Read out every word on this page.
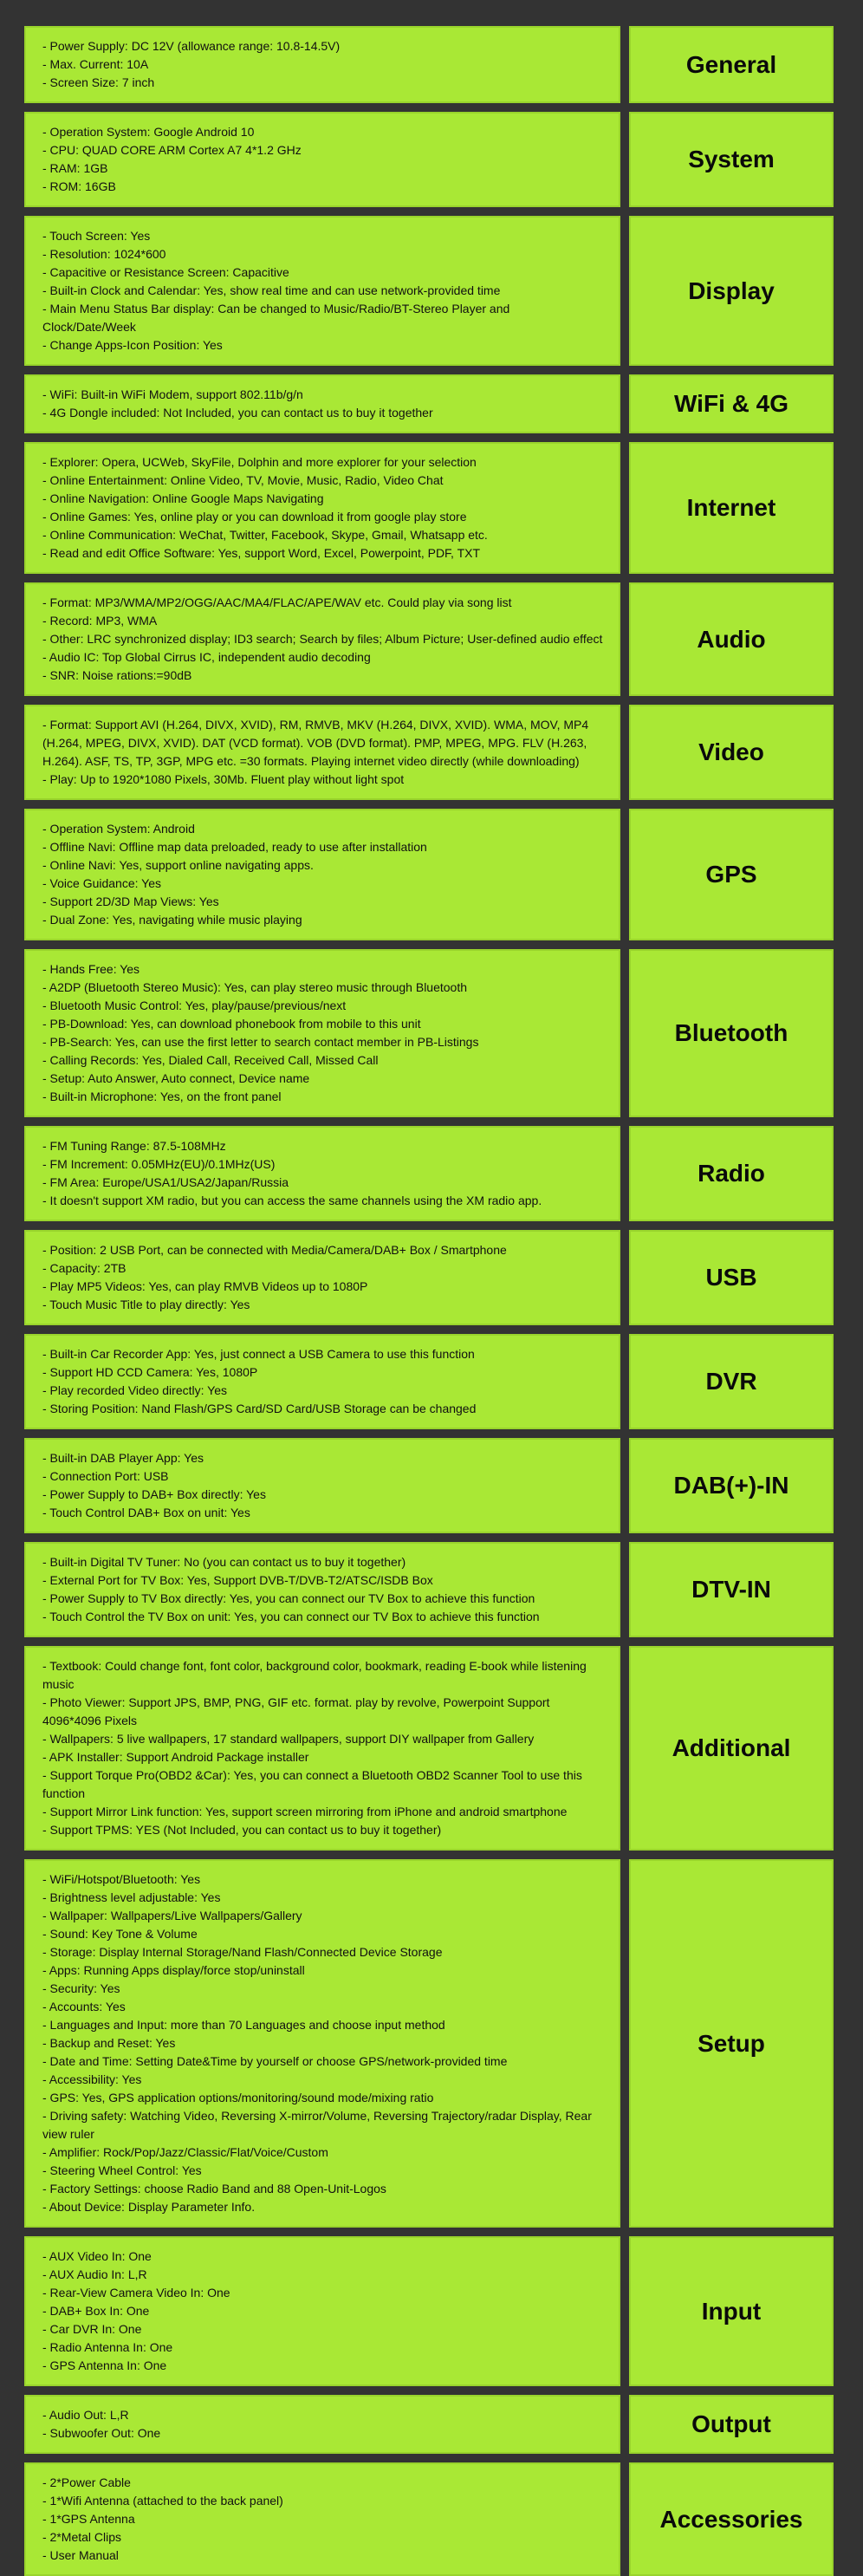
- Power Supply: DC 12V (allowance range: 10.8-14.5V)
- Max. Current: 10A
- Screen Size: 7 inch
General
- Operation System: Google Android 10
- CPU: QUAD CORE ARM Cortex A7 4*1.2 GHz
- RAM: 1GB
- ROM: 16GB
System
- Touch Screen: Yes
- Resolution: 1024*600
- Capacitive or Resistance Screen: Capacitive
- Built-in Clock and Calendar: Yes, show real time and can use network-provided time
- Main Menu Status Bar display: Can be changed to Music/Radio/BT-Stereo Player and Clock/Date/Week
- Change Apps-Icon Position: Yes
Display
- WiFi: Built-in WiFi Modem, support 802.11b/g/n
- 4G Dongle included: Not Included, you can contact us to buy it together	WiFi & 4G
- Explorer: Opera, UCWeb, SkyFile, Dolphin and more explorer for your selection
- Online Entertainment: Online Video, TV, Movie, Music, Radio, Video Chat
- Online Navigation: Online Google Maps Navigating
- Online Games: Yes, online play or you can download it from google play store
- Online Communication: WeChat, Twitter, Facebook, Skype, Gmail, Whatsapp etc.
- Read and edit Office Software: Yes, support Word, Excel, Powerpoint, PDF, TXT
Internet
- Format: MP3/WMA/MP2/OGG/AAC/MA4/FLAC/APE/WAV etc. Could play via song list
- Record: MP3, WMA
- Other: LRC synchronized display; ID3 search; Search by files; Album Picture; User-defined audio effect
- Audio IC: Top Global Cirrus IC, independent audio decoding
- SNR: Noise rations:=90dB
Audio
- Format: Support AVI (H.264, DIVX, XVID), RM, RMVB, MKV (H.264, DIVX, XVID). WMA, MOV, MP4 (H.264, MPEG, DIVX, XVID). DAT (VCD format). VOB (DVD format). PMP, MPEG, MPG. FLV (H.263, H.264). ASF, TS, TP, 3GP, MPG etc. =30 formats. Playing internet video directly (while downloading)
- Play: Up to 1920*1080 Pixels, 30Mb. Fluent play without light spot
Video
- Operation System: Android
- Offline Navi: Offline map data preloaded, ready to use after installation
- Online Navi: Yes, support online navigating apps.
- Voice Guidance: Yes
- Support 2D/3D Map Views: Yes
- Dual Zone: Yes, navigating while music playing
GPS
- Hands Free: Yes
- A2DP (Bluetooth Stereo Music): Yes, can play stereo music through Bluetooth
- Bluetooth Music Control: Yes, play/pause/previous/next
- PB-Download: Yes, can download phonebook from mobile to this unit
- PB-Search: Yes, can use the first letter to search contact member in PB-Listings
- Calling Records: Yes, Dialed Call, Received Call, Missed Call
- Setup: Auto Answer, Auto connect, Device name
- Built-in Microphone: Yes, on the front panel
Bluetooth
- FM Tuning Range: 87.5-108MHz
- FM Increment: 0.05MHz(EU)/0.1MHz(US)
- FM Area: Europe/USA1/USA2/Japan/Russia
- It doesn't support XM radio, but you can access the same channels using the XM radio app.
Radio
- Position: 2 USB Port, can be connected with Media/Camera/DAB+ Box / Smartphone
- Capacity: 2TB
- Play MP5 Videos: Yes, can play RMVB Videos up to 1080P
- Touch Music Title to play directly: Yes
USB
- Built-in Car Recorder App: Yes, just connect a USB Camera to use this function
- Support HD CCD Camera: Yes, 1080P
- Play recorded Video directly: Yes
- Storing Position: Nand Flash/GPS Card/SD Card/USB Storage can be changed
DVR
- Built-in DAB Player App: Yes
- Connection Port: USB
- Power Supply to DAB+ Box directly: Yes
- Touch Control DAB+ Box on unit: Yes
DAB(+)-IN
- Built-in Digital TV Tuner: No (you can contact us to buy it together)
- External Port for TV Box: Yes, Support DVB-T/DVB-T2/ATSC/ISDB Box
- Power Supply to TV Box directly: Yes, you can connect our TV Box to achieve this function
- Touch Control the TV Box on unit: Yes, you can connect our TV Box to achieve this function
DTV-IN
- Textbook: Could change font, font color, background color, bookmark, reading E-book while listening music
- Photo Viewer: Support JPS, BMP, PNG, GIF etc. format. play by revolve, Powerpoint Support 4096*4096 Pixels
- Wallpapers: 5 live wallpapers, 17 standard wallpapers, support DIY wallpaper from Gallery
- APK Installer: Support Android Package installer
- Support Torque Pro(OBD2 &Car): Yes, you can connect a Bluetooth OBD2 Scanner Tool to use this function
- Support Mirror Link function: Yes, support screen mirroring from iPhone and android smartphone
- Support TPMS: YES (Not Included, you can contact us to buy it together)
Additional
- WiFi/Hotspot/Bluetooth: Yes
- Brightness level adjustable: Yes
- Wallpaper: Wallpapers/Live Wallpapers/Gallery
- Sound: Key Tone & Volume
- Storage: Display Internal Storage/Nand Flash/Connected Device Storage
- Apps: Running Apps display/force stop/uninstall
- Security: Yes
- Accounts: Yes
- Languages and Input: more than 70 Languages and choose input method
- Backup and Reset: Yes
- Date and Time: Setting Date&Time by yourself or choose GPS/network-provided time
- Accessibility: Yes
- GPS: Yes, GPS application options/monitoring/sound mode/mixing ratio
- Driving safety: Watching Video, Reversing X-mirror/Volume, Reversing Trajectory/radar Display, Rear view ruler
- Amplifier: Rock/Pop/Jazz/Classic/Flat/Voice/Custom
- Steering Wheel Control: Yes
- Factory Settings: choose Radio Band and 88 Open-Unit-Logos
- About Device: Display Parameter Info.
Setup
- AUX Video In: One
- AUX Audio In: L,R
- Rear-View Camera Video In: One
- DAB+ Box In: One
- Car DVR In: One
- Radio Antenna In: One
- GPS Antenna In: One
Input
- Audio Out: L,R
- Subwoofer Out: One	Output
- 2*Power Cable
- 1*Wifi Antenna (attached to the back panel)
- 1*GPS Antenna
- 2*Metal Clips
- User Manual
Accessories
